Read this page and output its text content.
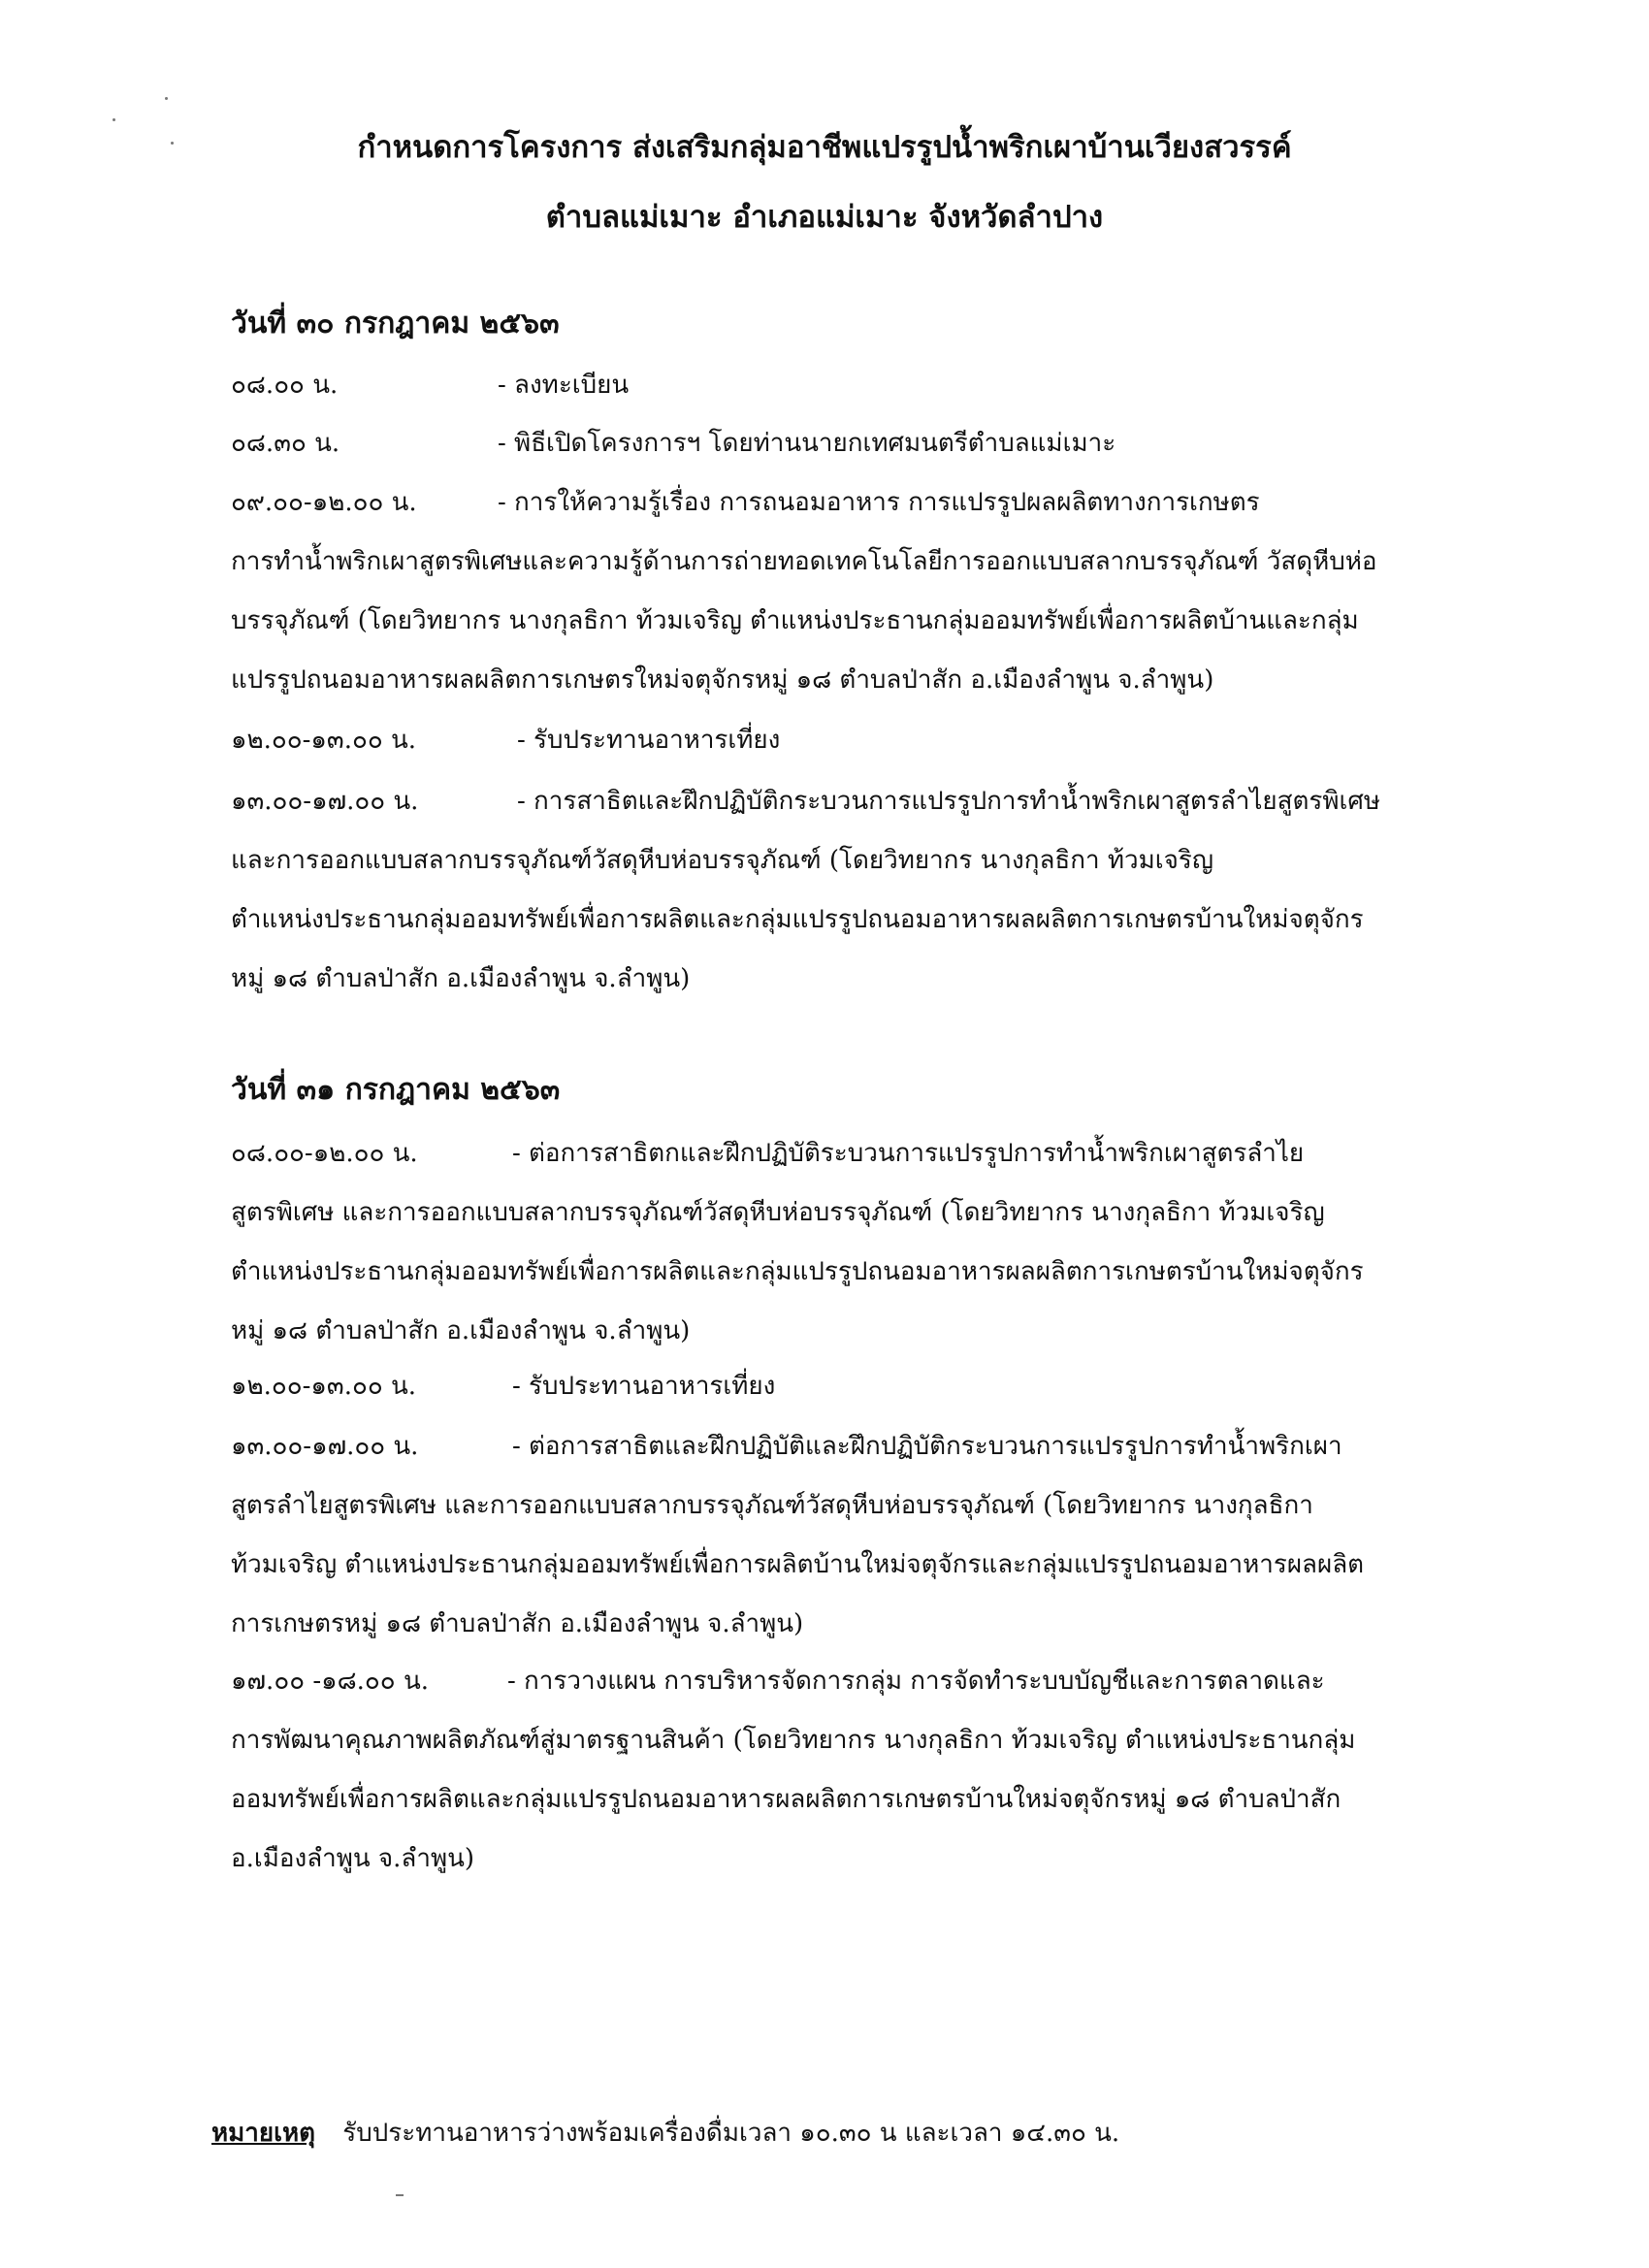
กำหนดการโครงการ ส่งเสริมกลุ่มอาชีพแปรรูปน้ำพริกเผาบ้านเวียงสวรรค์
ตำบลแม่เมาะ อำเภอแม่เมาะ จังหวัดลำปาง
วันที่ ๓๐ กรกฎาคม ๒๕๖๓
๐๘.๐๐ น.	- ลงทะเบียน
๐๘.๓๐ น.	- พิธีเปิดโครงการฯ โดยท่านนายกเทศมนตรีตำบลแม่เมาะ
๐๙.๐๐-๑๒.๐๐ น.	- การให้ความรู้เรื่อง การถนอมอาหาร การแปรรูปผลผลิตทางการเกษตร
การทำน้ำพริกเผาสูตรพิเศษและความรู้ด้านการถ่ายทอดเทคโนโลยีการออกแบบสลากบรรจุภัณฑ์ วัสดุหีบห่อ
บรรจุภัณฑ์ (โดยวิทยากร นางกุลธิกา ท้วมเจริญ ตำแหน่งประธานกลุ่มออมทรัพย์เพื่อการผลิตบ้านและกลุ่ม
แปรรูปถนอมอาหารผลผลิตการเกษตรใหม่จตุจักรหมู่ ๑๘ ตำบลป่าสัก อ.เมืองลำพูน จ.ลำพูน)
๑๒.๐๐-๑๓.๐๐ น.	- รับประทานอาหารเที่ยง
๑๓.๐๐-๑๗.๐๐ น.	- การสาธิตและฝึกปฏิบัติกระบวนการแปรรูปการทำน้ำพริกเผาสูตรลำไยสูตรพิเศษ
และการออกแบบสลากบรรจุภัณฑ์วัสดุหีบห่อบรรจุภัณฑ์ (โดยวิทยากร นางกุลธิกา ท้วมเจริญ
ตำแหน่งประธานกลุ่มออมทรัพย์เพื่อการผลิตและกลุ่มแปรรูปถนอมอาหารผลผลิตการเกษตรบ้านใหม่จตุจักร
หมู่ ๑๘ ตำบลป่าสัก อ.เมืองลำพูน จ.ลำพูน)
วันที่ ๓๑ กรกฎาคม ๒๕๖๓
๐๘.๐๐-๑๒.๐๐ น.	- ต่อการสาธิตกและฝึกปฏิบัติระบวนการแปรรูปการทำน้ำพริกเผาสูตรลำไย
สูตรพิเศษ และการออกแบบสลากบรรจุภัณฑ์วัสดุหีบห่อบรรจุภัณฑ์ (โดยวิทยากร นางกุลธิกา ท้วมเจริญ
ตำแหน่งประธานกลุ่มออมทรัพย์เพื่อการผลิตและกลุ่มแปรรูปถนอมอาหารผลผลิตการเกษตรบ้านใหม่จตุจักร
หมู่ ๑๘ ตำบลป่าสัก อ.เมืองลำพูน จ.ลำพูน)
๑๒.๐๐-๑๓.๐๐ น.	- รับประทานอาหารเที่ยง
๑๓.๐๐-๑๗.๐๐ น.	- ต่อการสาธิตและฝึกปฏิบัติและฝึกปฏิบัติกระบวนการแปรรูปการทำน้ำพริกเผา
สูตรลำไยสูตรพิเศษ และการออกแบบสลากบรรจุภัณฑ์วัสดุหีบห่อบรรจุภัณฑ์ (โดยวิทยากร นางกุลธิกา
ท้วมเจริญ ตำแหน่งประธานกลุ่มออมทรัพย์เพื่อการผลิตบ้านใหม่จตุจักรและกลุ่มแปรรูปถนอมอาหารผลผลิต
การเกษตรหมู่ ๑๘ ตำบลป่าสัก อ.เมืองลำพูน จ.ลำพูน)
๑๗.๐๐ -๑๘.๐๐ น.	- การวางแผน การบริหารจัดการกลุ่ม การจัดทำระบบบัญชีและการตลาดและ
การพัฒนาคุณภาพผลิตภัณฑ์สู่มาตรฐานสินค้า (โดยวิทยากร นางกุลธิกา ท้วมเจริญ ตำแหน่งประธานกลุ่ม
ออมทรัพย์เพื่อการผลิตและกลุ่มแปรรูปถนอมอาหารผลผลิตการเกษตรบ้านใหม่จตุจักรหมู่ ๑๘ ตำบลป่าสัก
อ.เมืองลำพูน จ.ลำพูน)
หมายเหตุ รับประทานอาหารว่างพร้อมเครื่องดื่มเวลา ๑๐.๓๐ น และเวลา ๑๔.๓๐ น.
